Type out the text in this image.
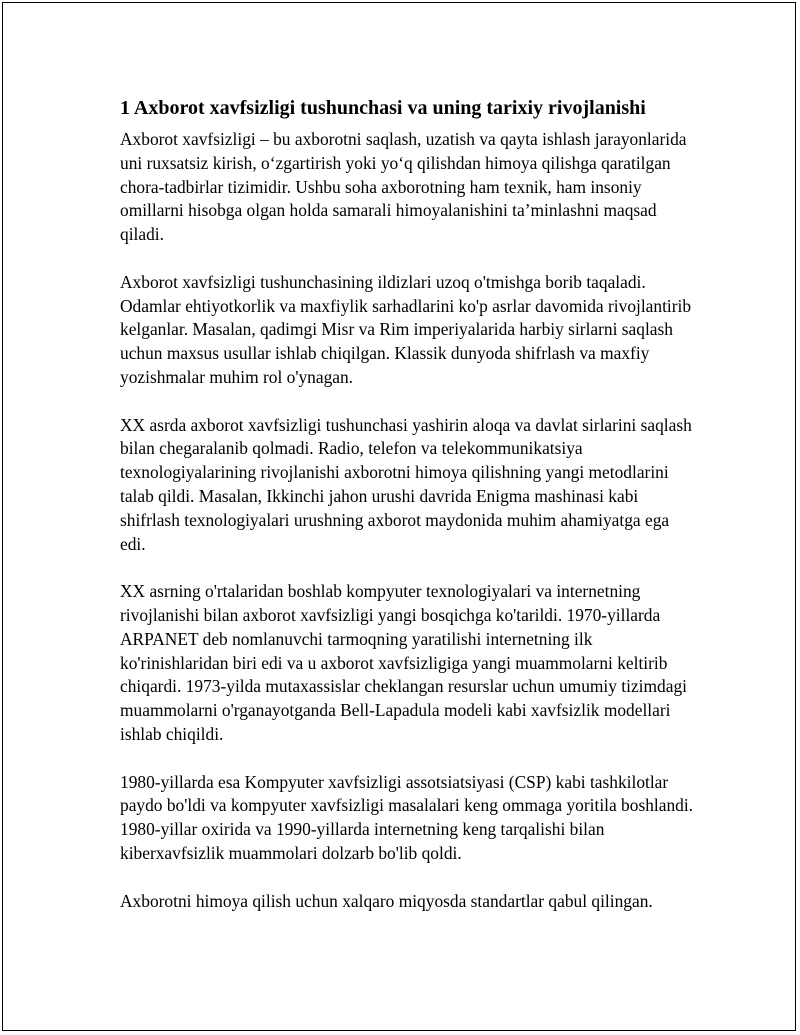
1 Axborot xavfsizligi tushunchasi va uning tarixiy rivojlanishi

Axborot xavfsizligi – bu axborotni saqlash, uzatish va qayta ishlash jarayonlarida uni ruxsatsiz kirish, oʻzgartirish yoki yoʻq qilishdan himoya qilishga qaratilgan chora-tadbirlar tizimidir. Ushbu soha axborotning ham texnik, ham insoniy omillarni hisobga olgan holda samarali himoyalanishini ta’minlashni maqsad qiladi.

Axborot xavfsizligi tushunchasining ildizlari uzoq o'tmishga borib taqaladi. Odamlar ehtiyotkorlik va maxfiylik sarhadlarini ko'p asrlar davomida rivojlantirib kelganlar. Masalan, qadimgi Misr va Rim imperiyalarida harbiy sirlarni saqlash uchun maxsus usullar ishlab chiqilgan. Klassik dunyoda shifrlash va maxfiy yozishmalar muhim rol o'ynagan.

XX asrda axborot xavfsizligi tushunchasi yashirin aloqa va davlat sirlarini saqlash bilan chegaralanib qolmadi. Radio, telefon va telekommunikatsiya texnologiyalarining rivojlanishi axborotni himoya qilishning yangi metodlarini talab qildi. Masalan, Ikkinchi jahon urushi davrida Enigma mashinasi kabi shifrlash texnologiyalari urushning axborot maydonida muhim ahamiyatga ega edi.

XX asrning o'rtalaridan boshlab kompyuter texnologiyalari va internetning rivojlanishi bilan axborot xavfsizligi yangi bosqichga ko'tarildi. 1970-yillarda ARPANET deb nomlanuvchi tarmoqning yaratilishi internetning ilk ko'rinishlaridan biri edi va u axborot xavfsizligiga yangi muammolarni keltirib chiqardi. 1973-yilda mutaxassislar cheklangan resurslar uchun umumiy tizimdagi muammolarni o'rganayotganda Bell-Lapadula modeli kabi xavfsizlik modellari ishlab chiqildi.

1980-yillarda esa Kompyuter xavfsizligi assotsiatsiyasi (CSP) kabi tashkilotlar paydo bo'ldi va kompyuter xavfsizligi masalalari keng ommaga yoritila boshlandi. 1980-yillar oxirida va 1990-yillarda internetning keng tarqalishi bilan kiberxavfsizlik muammolari dolzarb bo'lib qoldi.

Axborotni himoya qilish uchun xalqaro miqyosda standartlar qabul qilingan.
